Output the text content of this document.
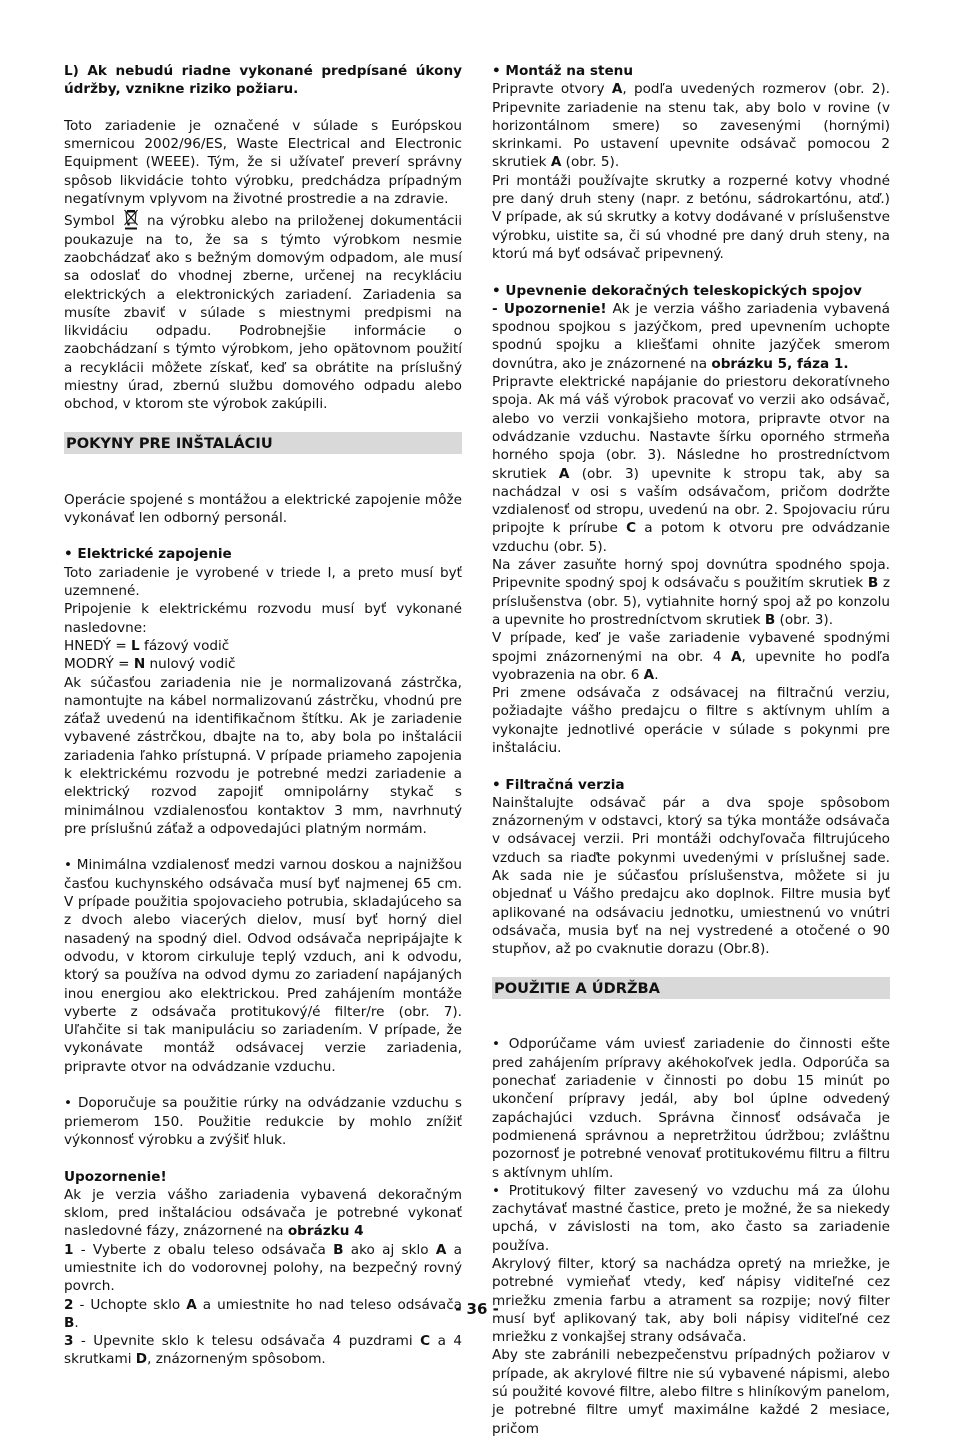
L) Ak nebudú riadne vykonané predpísané úkony údržby, vznikne riziko požiaru.

Toto zariadenie je označené v súlade s Európskou smernicou 2002/96/ES, Waste Electrical and Electronic Equipment (WEEE). Tým, že si užívateľ preverí správny spôsob likvidácie tohto výrobku, predchádza prípadným negatívnym vplyvom na životné prostredie a na zdravie.

Symbol na výrobku alebo na priloženej dokumentácii poukazuje na to, že sa s týmto výrobkom nesmie zaobchádzať ako s bežným domovým odpadom, ale musí sa odoslať do vhodnej zberne, určenej na recykláciu elektrických a elektronických zariadení. Zariadenia sa musíte zbaviť v súlade s miestnymi predpismi na likvidáciu odpadu. Podrobnejšie informácie o zaobchádzaní s týmto výrobkom, jeho opätovnom použití a recyklácii môžete získať, keď sa obrátite na príslušný miestny úrad, zbernú službu domového odpadu alebo obchod, v ktorom ste výrobok zakúpili.

POKYNY PRE INŠTALÁCIU

Operácie spojené s montážou a elektrické zapojenie môže vykonávať len odborný personál.

• Elektrické zapojenie

Toto zariadenie je vyrobené v triede I, a preto musí byť uzemnené.

Pripojenie k elektrickému rozvodu musí byť vykonané nasledovne:

HNEDÝ = L fázový vodič

MODRÝ = N nulový vodič

Ak súčasťou zariadenia nie je normalizovaná zástrčka, namontujte na kábel normalizovanú zástrčku, vhodnú pre záťaž uvedenú na identifikačnom štítku. Ak je zariadenie vybavené zástrčkou, dbajte na to, aby bola po inštalácii zariadenia ľahko prístupná. V prípade priameho zapojenia k elektrickému rozvodu je potrebné medzi zariadenie a elektrický rozvod zapojiť omnipolárny stykač s minimálnou vzdialenosťou kontaktov 3 mm, navrhnutý pre príslušnú záťaž a odpovedajúci platným normám.

• Minimálna vzdialenosť medzi varnou doskou a najnižšou časťou kuchynského odsávača musí byť najmenej 65 cm. V prípade použitia spojovacieho potrubia, skladajúceho sa z dvoch alebo viacerých dielov, musí byť horný diel nasadený na spodný diel. Odvod odsávača nepripájajte k odvodu, v ktorom cirkuluje teplý vzduch, ani k odvodu, ktorý sa používa na odvod dymu zo zariadení napájaných inou energiou ako elektrickou. Pred zahájením montáže vyberte z odsávača protitukový/é filter/re (obr. 7). Uľahčite si tak manipuláciu so zariadením. V prípade, že vykonávate montáž odsávacej verzie zariadenia, pripravte otvor na odvádzanie vzduchu.

• Doporučuje sa použitie rúrky na odvádzanie vzduchu s priemerom 150. Použitie redukcie by mohlo znížiť výkonnosť výrobku a zvýšiť hluk.

Upozornenie!

Ak je verzia vášho zariadenia vybavená dekoračným sklom, pred inštaláciou odsávača je potrebné vykonať nasledovné fázy, znázornené na obrázku 4

1 - Vyberte z obalu teleso odsávača B ako aj sklo A a umiestnite ich do vodorovnej polohy, na bezpečný rovný povrch.

2 - Uchopte sklo A a umiestnite ho nad teleso odsávača B.

3 - Upevnite sklo k telesu odsávača 4 puzdrami C a 4 skrutkami D, znázorneným spôsobom.

• Montáž na stenu

Pripravte otvory A, podľa uvedených rozmerov (obr. 2). Pripevnite zariadenie na stenu tak, aby bolo v rovine (v horizontálnom smere) so zavesenými (hornými) skrinkami. Po ustavení upevnite odsávač pomocou 2 skrutiek A (obr. 5).

Pri montáži používajte skrutky a rozperné kotvy vhodné pre daný druh steny (napr. z betónu, sádrokartónu, atď.) V prípade, ak sú skrutky a kotvy dodávané v príslušenstve výrobku, uistite sa, či sú vhodné pre daný druh steny, na ktorú má byť odsávač pripevnený.

• Upevnenie dekoračných teleskopických spojov

- Upozornenie! Ak je verzia vášho zariadenia vybavená spodnou spojkou s jazýčkom, pred upevnením uchopte spodnú spojku a kliešťami ohnite jazýček smerom dovnútra, ako je znázornené na obrázku 5, fáza 1.

Pripravte elektrické napájanie do priestoru dekoratívneho spoja. Ak má váš výrobok pracovať vo verzii ako odsávač, alebo vo verzii vonkajšieho motora, pripravte otvor na odvádzanie vzduchu. Nastavte šírku oporného strmeňa horného spoja (obr. 3). Následne ho prostredníctvom skrutiek A (obr. 3) upevnite k stropu tak, aby sa nachádzal v osi s vaším odsávačom, pričom dodržte vzdialenosť od stropu, uvedenú na obr. 2. Spojovaciu rúru pripojte k prírube C a potom k otvoru pre odvádzanie vzduchu (obr. 5).

Na záver zasuňte horný spoj dovnútra spodného spoja. Pripevnite spodný spoj k odsávaču s použitím skrutiek B z príslušenstva (obr. 5), vytiahnite horný spoj až po konzolu a upevnite ho prostredníctvom skrutiek B (obr. 3).

V prípade, keď je vaše zariadenie vybavené spodnými spojmi znázornenými na obr. 4 A, upevnite ho podľa vyobrazenia na obr. 6 A.

Pri zmene odsávača z odsávacej na filtračnú verziu, požiadajte vášho predajcu o filtre s aktívnym uhlím a vykonajte jednotlivé operácie v súlade s pokynmi pre inštaláciu.

• Filtračná verzia

Nainštalujte odsávač pár a dva spoje spôsobom znázorneným v odstavci, ktorý sa týka montáže odsávača v odsávacej verzii. Pri montáži odchyľovača filtrujúceho vzduch sa riaďte pokynmi uvedenými v príslušnej sade. Ak sada nie je súčasťou príslušenstva, môžete si ju objednať u Vášho predajcu ako doplnok. Filtre musia byť aplikované na odsávaciu jednotku, umiestnenú vo vnútri odsávača, musia byť na nej vystredené a otočené o 90 stupňov, až po cvaknutie dorazu (Obr.8).

POUŽITIE A ÚDRŽBA

• Odporúčame vám uviesť zariadenie do činnosti ešte pred zahájením prípravy akéhokoľvek jedla. Odporúča sa ponechať zariadenie v činnosti po dobu 15 minút po ukončení prípravy jedál, aby bol úplne odvedený zapáchajúci vzduch. Správna činnosť odsávača je podmienená správnou a nepretržitou údržbou; zvláštnu pozornosť je potrebné venovať protitukovému filtru a filtru s aktívnym uhlím.

• Protitukový filter zavesený vo vzduchu má za úlohu zachytávať mastné častice, preto je možné, že sa niekedy upchá, v závislosti na tom, ako často sa zariadenie používa.

Akrylový filter, ktorý sa nachádza opretý na mriežke, je potrebné vymieňať vtedy, keď nápisy viditeľné cez mriežku zmenia farbu a atrament sa rozpije; nový filter musí byť aplikovaný tak, aby boli nápisy viditeľné cez mriežku z vonkajšej strany odsávača.

Aby ste zabránili nebezpečenstvu prípadných požiarov v prípade, ak akrylové filtre nie sú vybavené nápismi, alebo sú použité kovové filtre, alebo filtre s hliníkovým panelom, je potrebné filtre umyť maximálne každé 2 mesiace, pričom

- 36 -
